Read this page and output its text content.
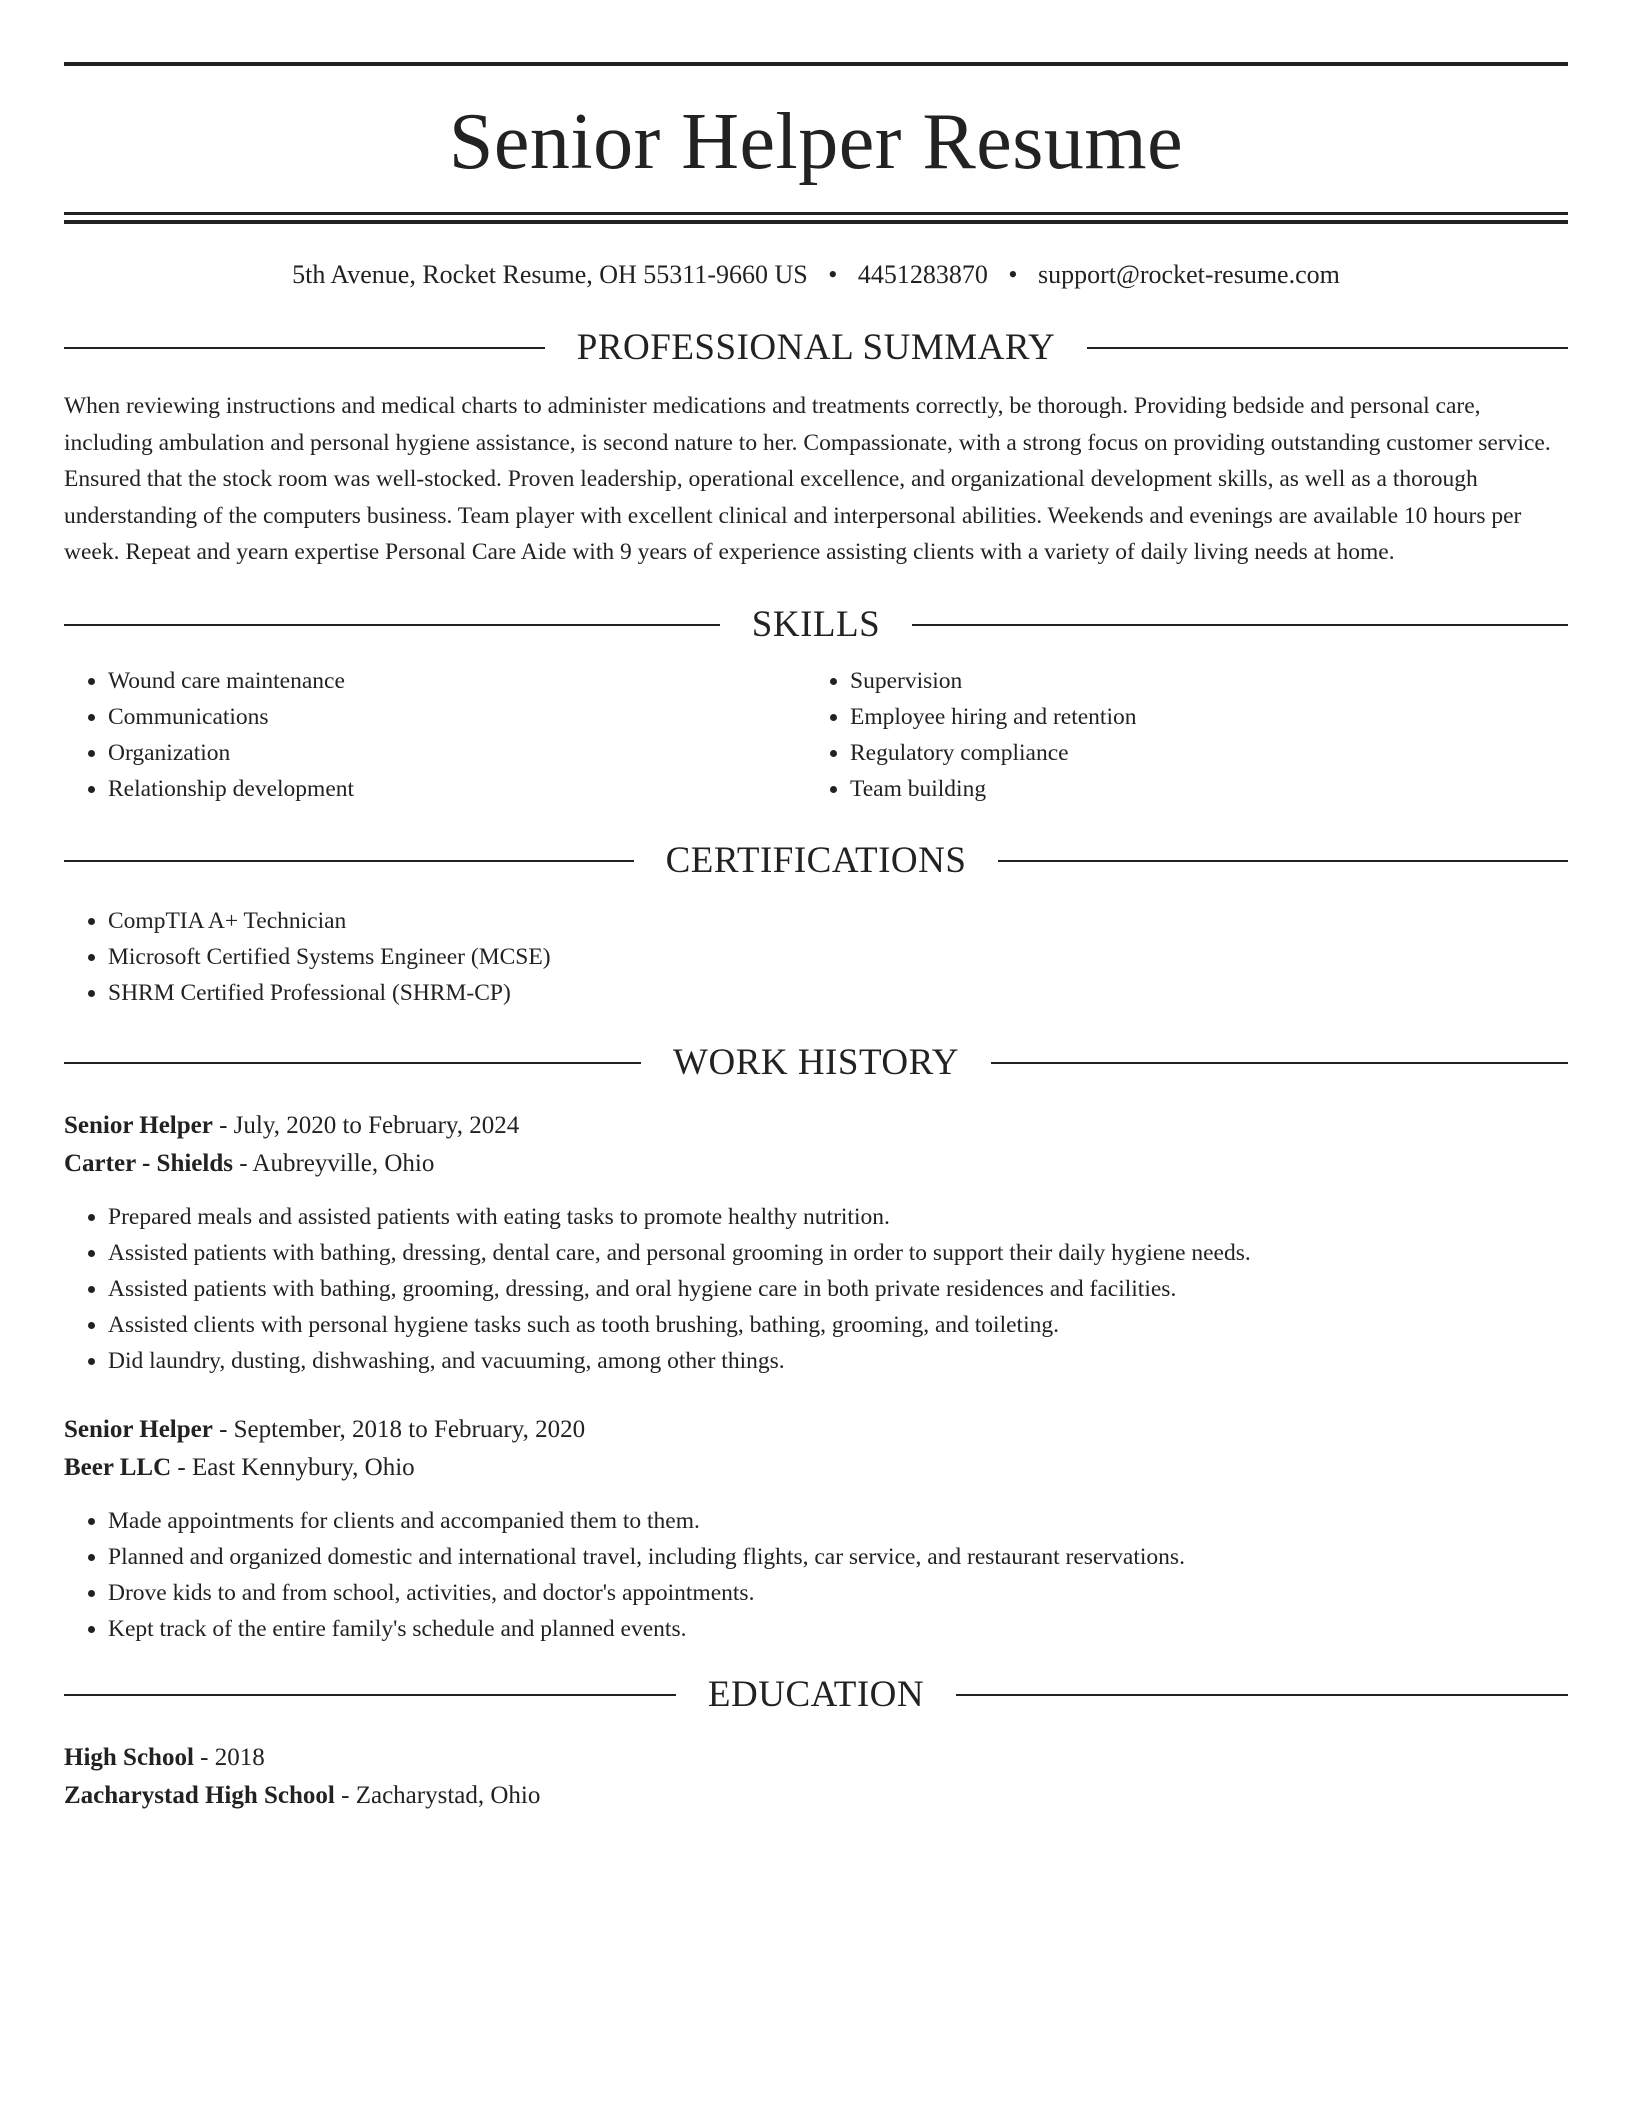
Senior Helper Resume
5th Avenue, Rocket Resume, OH 55311-9660 US • 4451283870 • support@rocket-resume.com
PROFESSIONAL SUMMARY
When reviewing instructions and medical charts to administer medications and treatments correctly, be thorough. Providing bedside and personal care, including ambulation and personal hygiene assistance, is second nature to her. Compassionate, with a strong focus on providing outstanding customer service. Ensured that the stock room was well-stocked. Proven leadership, operational excellence, and organizational development skills, as well as a thorough understanding of the computers business. Team player with excellent clinical and interpersonal abilities. Weekends and evenings are available 10 hours per week. Repeat and yearn expertise Personal Care Aide with 9 years of experience assisting clients with a variety of daily living needs at home.
SKILLS
• Wound care maintenance
• Communications
• Organization
• Relationship development
• Supervision
• Employee hiring and retention
• Regulatory compliance
• Team building
CERTIFICATIONS
• CompTIA A+ Technician
• Microsoft Certified Systems Engineer (MCSE)
• SHRM Certified Professional (SHRM-CP)
WORK HISTORY
Senior Helper - July, 2020 to February, 2024
Carter - Shields - Aubreyville, Ohio
• Prepared meals and assisted patients with eating tasks to promote healthy nutrition.
• Assisted patients with bathing, dressing, dental care, and personal grooming in order to support their daily hygiene needs.
• Assisted patients with bathing, grooming, dressing, and oral hygiene care in both private residences and facilities.
• Assisted clients with personal hygiene tasks such as tooth brushing, bathing, grooming, and toileting.
• Did laundry, dusting, dishwashing, and vacuuming, among other things.
Senior Helper - September, 2018 to February, 2020
Beer LLC - East Kennybury, Ohio
• Made appointments for clients and accompanied them to them.
• Planned and organized domestic and international travel, including flights, car service, and restaurant reservations.
• Drove kids to and from school, activities, and doctor's appointments.
• Kept track of the entire family's schedule and planned events.
EDUCATION
High School - 2018
Zacharystad High School - Zacharystad, Ohio
